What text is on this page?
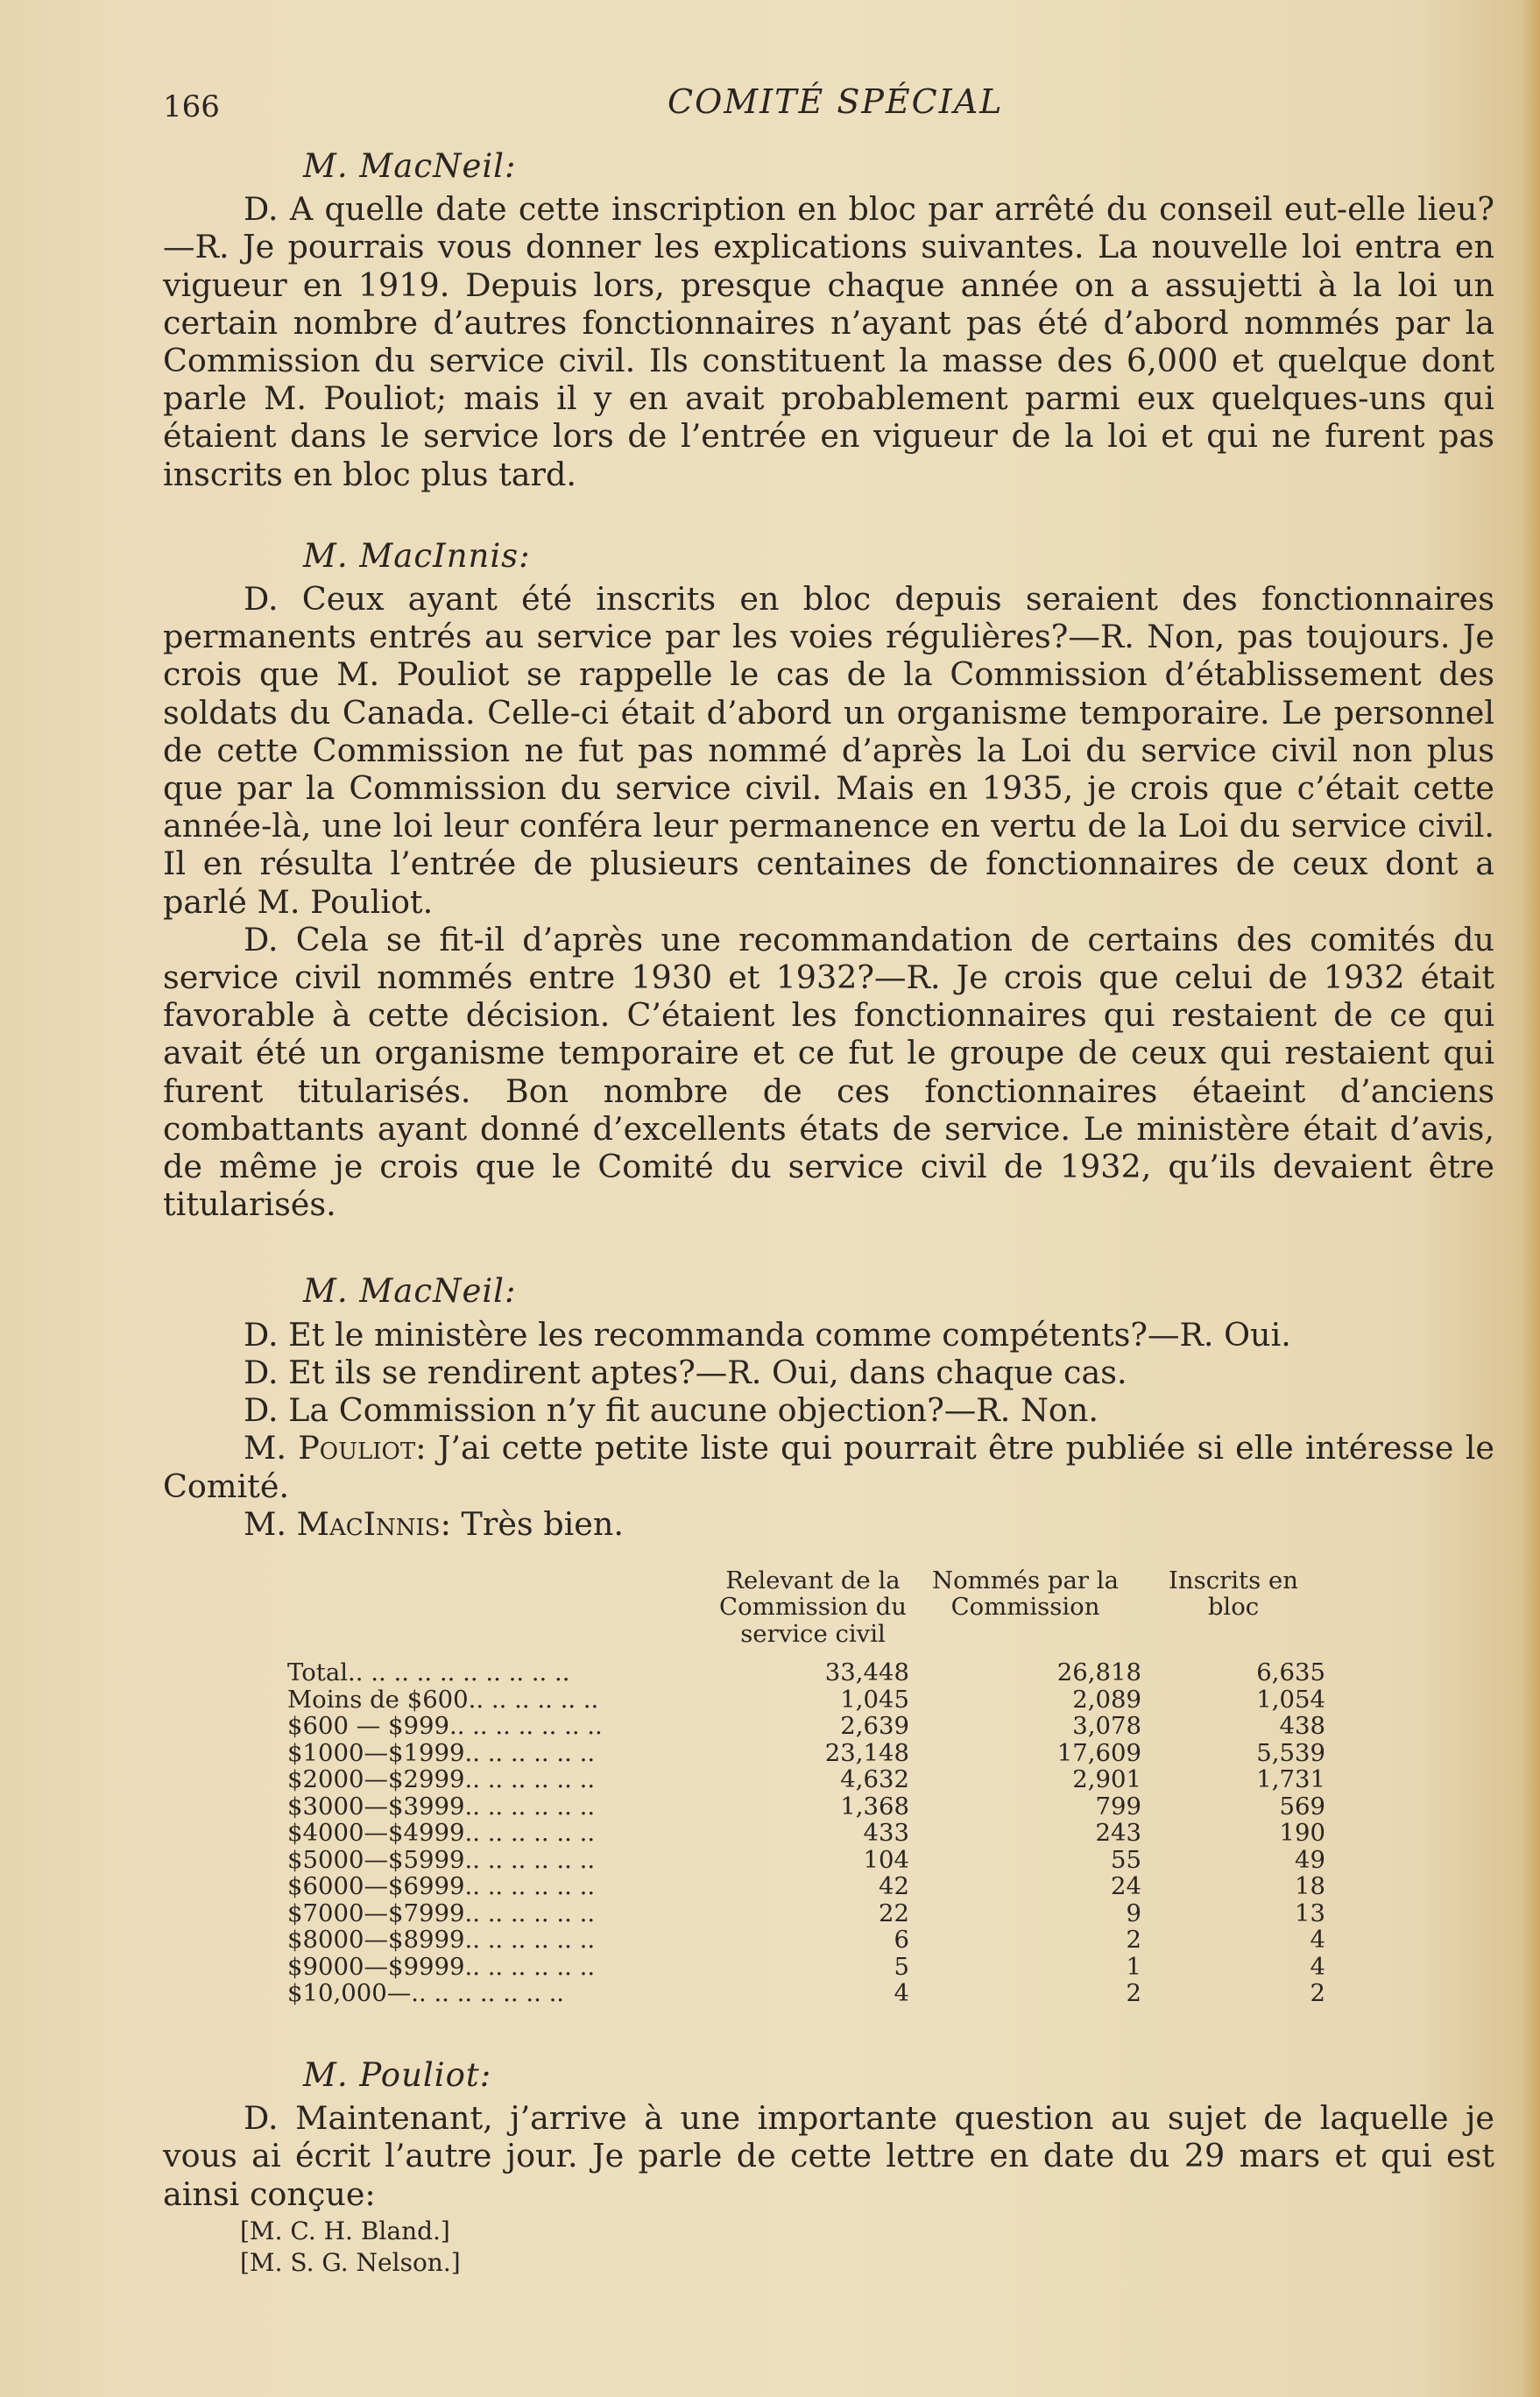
166	COMITÉ SPÉCIAL
M. MacNeil:

D. A quelle date cette inscription en bloc par arrêté du conseil eut-elle lieu?—R. Je pourrais vous donner les explications suivantes. La nouvelle loi entra en vigueur en 1919. Depuis lors, presque chaque année on a assujetti à la loi un certain nombre d’autres fonctionnaires n’ayant pas été d’abord nommés par la Commission du service civil. Ils constituent la masse des 6,000 et quelque dont parle M. Pouliot; mais il y en avait probablement parmi eux quelques-uns qui étaient dans le service lors de l’entrée en vigueur de la loi et qui ne furent pas inscrits en bloc plus tard.

M. MacInnis:

D. Ceux ayant été inscrits en bloc depuis seraient des fonctionnaires permanents entrés au service par les voies régulières?—R. Non, pas toujours. Je crois que M. Pouliot se rappelle le cas de la Commission d’établissement des soldats du Canada. Celle-ci était d’abord un organisme temporaire. Le personnel de cette Commission ne fut pas nommé d’après la Loi du service civil non plus que par la Commission du service civil. Mais en 1935, je crois que c’était cette année-là, une loi leur conféra leur permanence en vertu de la Loi du service civil. Il en résulta l’entrée de plusieurs centaines de fonctionnaires de ceux dont a parlé M. Pouliot.

D. Cela se fit-il d’après une recommandation de certains des comités du service civil nommés entre 1930 et 1932?—R. Je crois que celui de 1932 était favorable à cette décision. C’étaient les fonctionnaires qui restaient de ce qui avait été un organisme temporaire et ce fut le groupe de ceux qui restaient qui furent titularisés. Bon nombre de ces fonctionnaires étaeint d’anciens combattants ayant donné d’excellents états de service. Le ministère était d’avis, de même je crois que le Comité du service civil de 1932, qu’ils devaient être titularisés.

M. MacNeil:

D. Et le ministère les recommanda comme compétents?—R. Oui.

D. Et ils se rendirent aptes?—R. Oui, dans chaque cas.

D. La Commission n’y fit aucune objection?—R. Non.

M. Pouliot: J’ai cette petite liste qui pourrait être publiée si elle intéresse le Comité.

M. MacInnis: Très bien.

	Relevant de la Commission du service civil	Nommés par la Commission	Inscrits en bloc
Total.. .. .. .. .. .. .. .. .. ..	33,448	26,818	6,635
Moins de $600.. .. .. .. .. ..	1,045	2,089	1,054
$600 — $999.. .. .. .. .. .. ..	2,639	3,078	438
$1000—$1999.. .. .. .. .. ..	23,148	17,609	5,539
$2000—$2999.. .. .. .. .. ..	4,632	2,901	1,731
$3000—$3999.. .. .. .. .. ..	1,368	799	569
$4000—$4999.. .. .. .. .. ..	433	243	190
$5000—$5999.. .. .. .. .. ..	104	55	49
$6000—$6999.. .. .. .. .. ..	42	24	18
$7000—$7999.. .. .. .. .. ..	22	9	13
$8000—$8999.. .. .. .. .. ..	6	2	4
$9000—$9999.. .. .. .. .. ..	5	1	4
$10,000—.. .. .. .. .. .. ..	4	2	2
M. Pouliot:

D. Maintenant, j’arrive à une importante question au sujet de laquelle je vous ai écrit l’autre jour. Je parle de cette lettre en date du 29 mars et qui est ainsi conçue:

[M. C. H. Bland.]
[M. S. G. Nelson.]
